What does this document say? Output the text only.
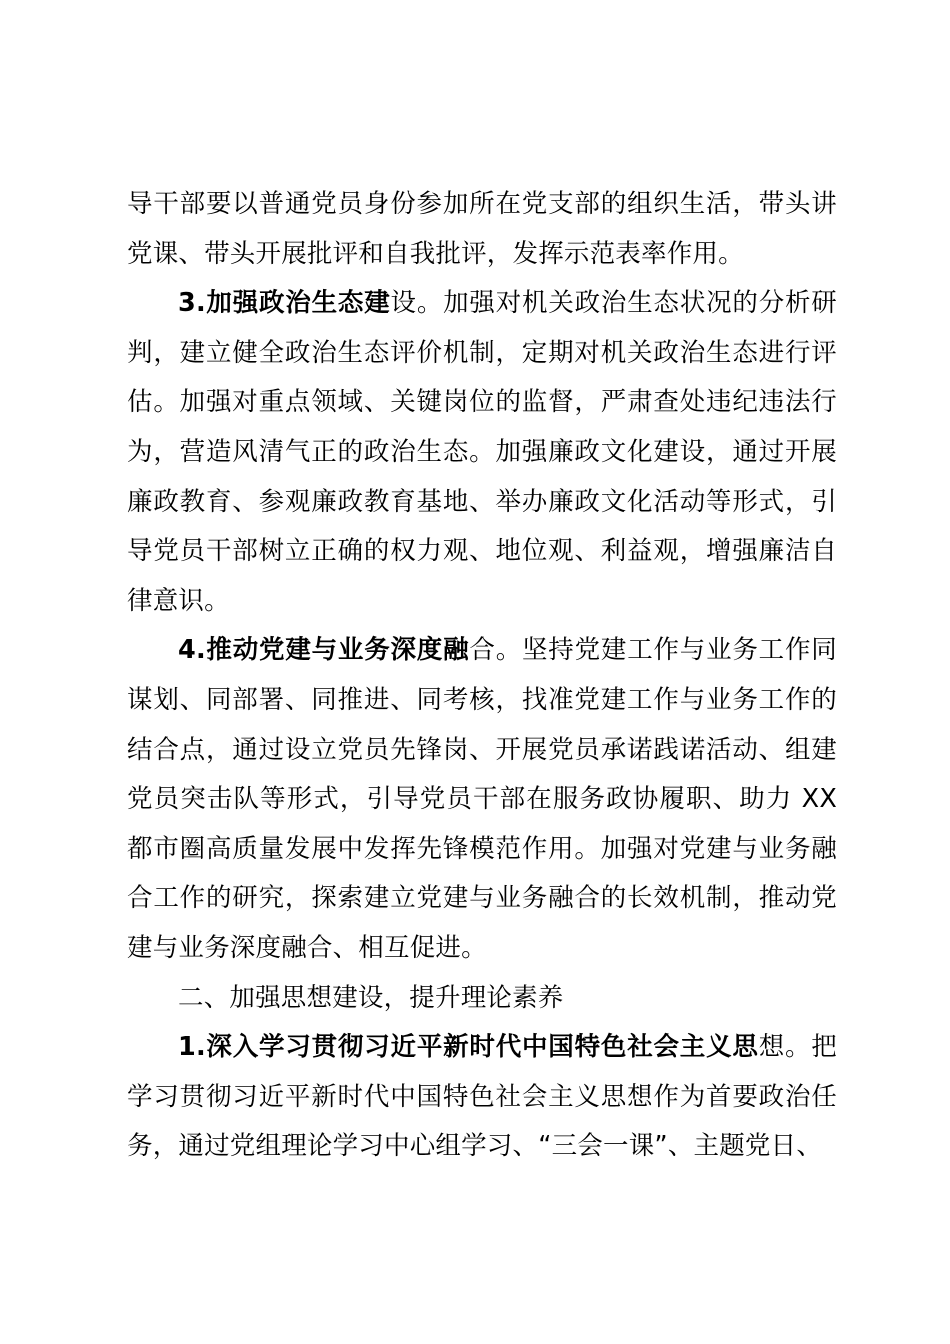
导干部要以普通党员身份参加所在党支部的组织生活，带头讲党课、带头开展批评和自我批评，发挥示范表率作用。

3.加强政治生态建设。加强对机关政治生态状况的分析研判，建立健全政治生态评价机制，定期对机关政治生态进行评估。加强对重点领域、关键岗位的监督，严肃查处违纪违法行为，营造风清气正的政治生态。加强廉政文化建设，通过开展廉政教育、参观廉政教育基地、举办廉政文化活动等形式，引导党员干部树立正确的权力观、地位观、利益观，增强廉洁自律意识。

4.推动党建与业务深度融合。坚持党建工作与业务工作同谋划、同部署、同推进、同考核，找准党建工作与业务工作的结合点，通过设立党员先锋岗、开展党员承诺践诺活动、组建党员突击队等形式，引导党员干部在服务政协履职、助力 XX 都市圈高质量发展中发挥先锋模范作用。加强对党建与业务融合工作的研究，探索建立党建与业务融合的长效机制，推动党建与业务深度融合、相互促进。

二、加强思想建设，提升理论素养

1.深入学习贯彻习近平新时代中国特色社会主义思想。把学习贯彻习近平新时代中国特色社会主义思想作为首要政治任务，通过党组理论学习中心组学习、“三会一课”、主题党日、
